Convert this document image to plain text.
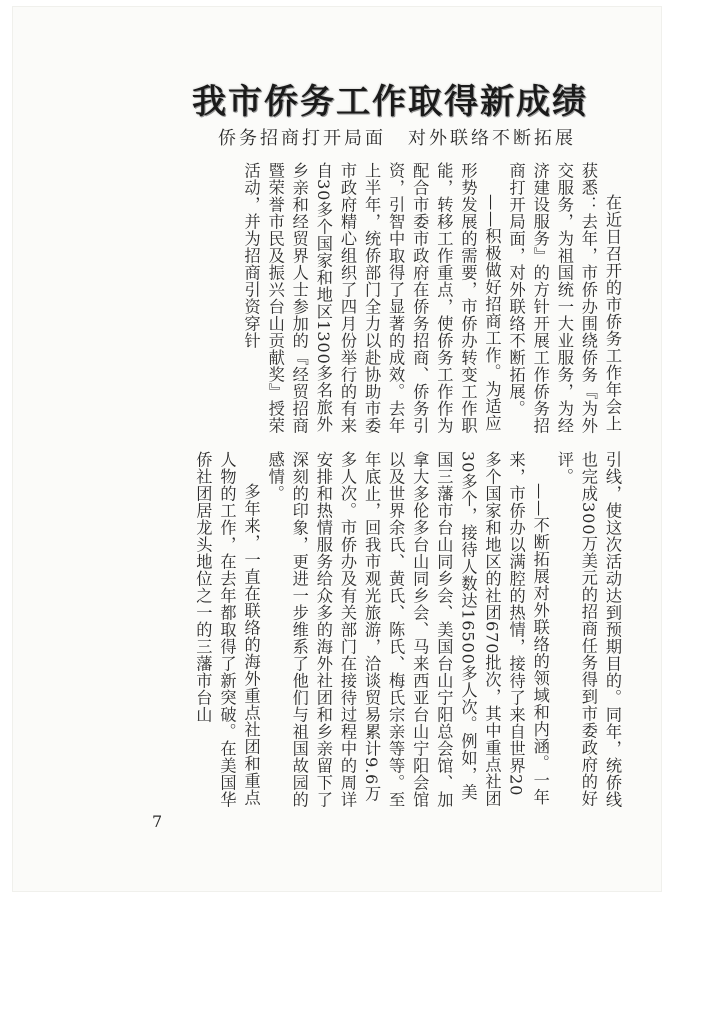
我市侨务工作取得新成绩
侨务招商打开局面 对外联络不断拓展

在近日召开的市侨务工作年会上获悉：去年，市侨办围绕侨务『为外交服务，为祖国统一大业服务，为经济建设服务』的方针开展工作侨务招商打开局面，对外联络不断拓展。

——积极做好招商工作。为适应形势发展的需要，市侨办转变工作职能，转移工作重点，使侨务工作作为配合市委市政府在侨务招商、侨务引资，引智中取得了显著的成效。去年上半年，统侨部门全力以赴协助市委市政府精心组织了四月份举行的有来自30多个国家和地区1300多名旅外乡亲和经贸界人士参加的『经贸招商暨荣誉市民及振兴台山贡献奖』授荣活动，并为招商引资穿针

引线，使这次活动达到预期目的。同年，统侨线也完成300万美元的招商任务得到市委政府的好评。

——不断拓展对外联络的领域和内涵。一年来，市侨办以满腔的热情，接待了来自世界20多个国家和地区的社团670批次，其中重点社团30多个，接待人数达16500多人次。例如，美国三藩市台山同乡会、美国台山宁阳总会馆、加拿大多伦多台山同乡会、马来西亚台山宁阳会馆以及世界余氏、黄氏、陈氏、梅氏宗亲等等。至年底止，回我市观光旅游，洽谈贸易累计9.6万多人次。市侨办及有关部门在接待过程中的周详安排和热情服务给众多的海外社团和乡亲留下了深刻的印象，更进一步维系了他们与祖国故园的感情。

多年来，一直在联络的海外重点社团和重点人物的工作，在去年都取得了新突破。在美国华侨社团居龙头地位之一的三藩市台山

7
